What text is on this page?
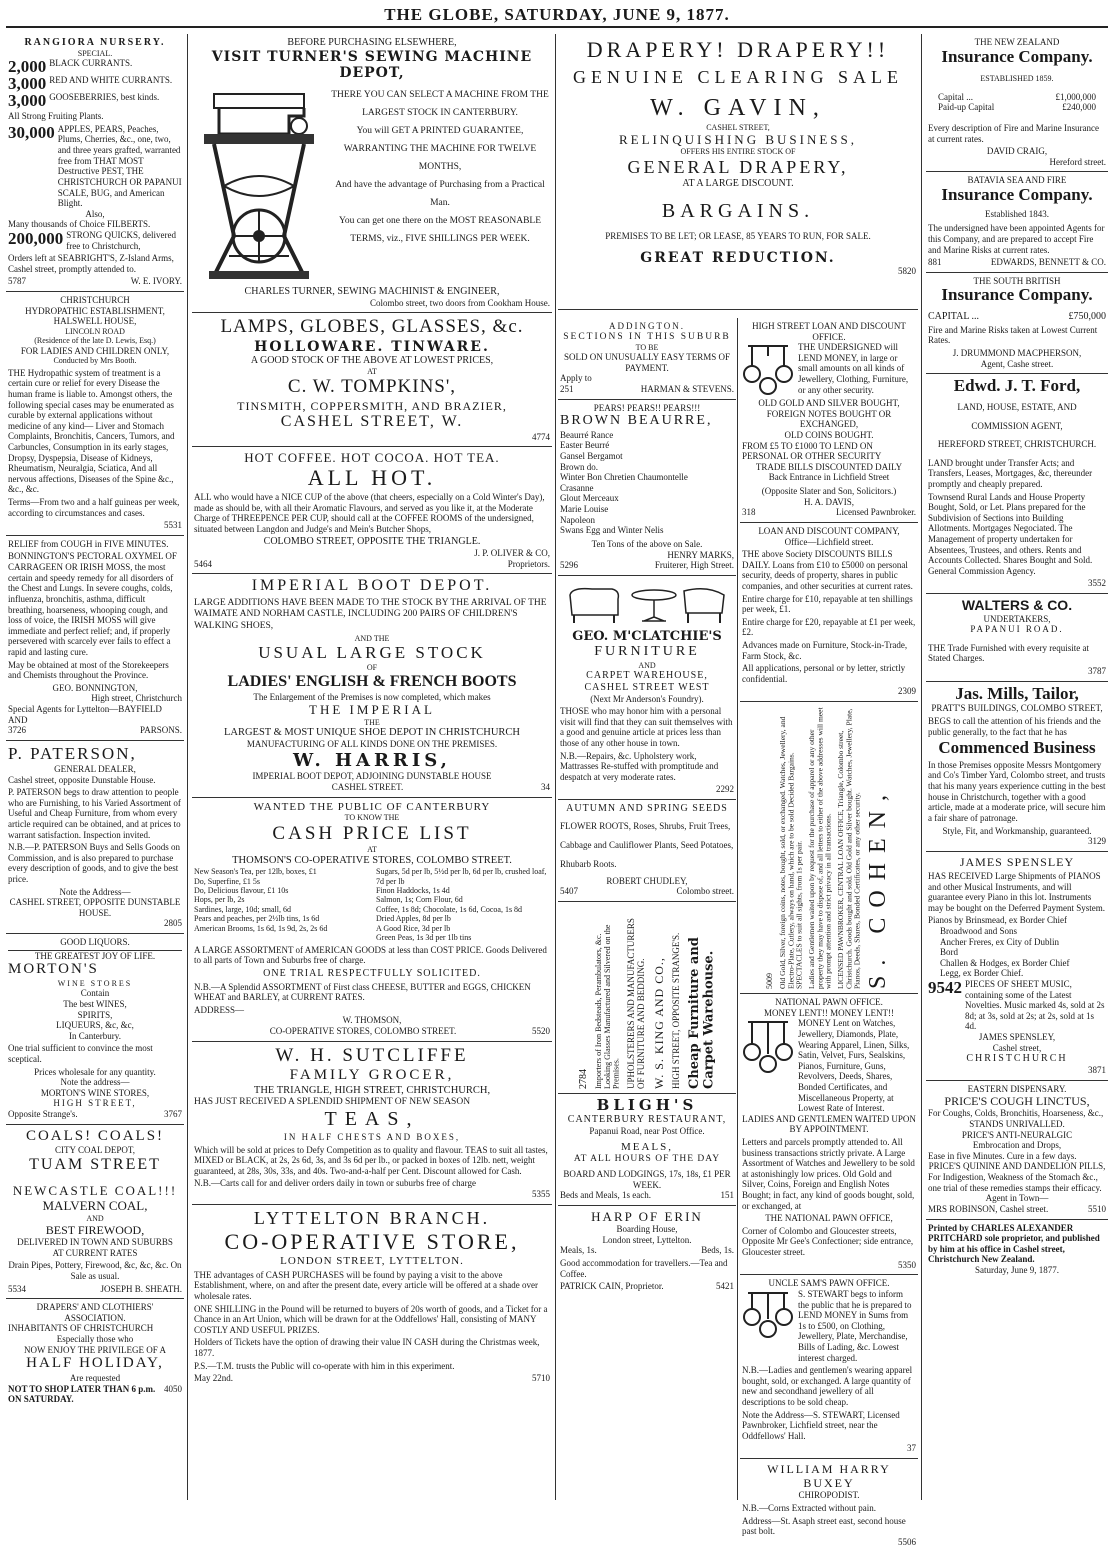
THE GLOBE, SATURDAY, JUNE 9, 1877.
RANGIORA NURSERY.
SPECIAL.
2,000 BLACK CURRANTS.
3,000 RED AND WHITE CURRANTS.
3,000 GOOSEBERRIES, best kinds.

All Strong Fruiting Plants.

30,000 APPLES, PEARS, Peaches, Plums, Cherries, &c., one, two, and three years grafted, warranted free from THAT MOST Destructive PEST, THE CHRISTCHURCH OR PAPANUI SCALE, BUG, and American Blight.
Also,
Many thousands of Choice FILBERTS.
200,000 STRONG QUICKS, delivered free to Christchurch,

Orders left at SEABRIGHT'S, Z-Island Arms, Cashel street, promptly attended to.

5787	W. E. IVORY.
CHRISTCHURCH
HYDROPATHIC ESTABLISHMENT,
HALSWELL HOUSE,
LINCOLN ROAD
(Residence of the late D. Lewis, Esq.)
FOR LADIES AND CHILDREN ONLY,
Conducted by Mrs Booth.

THE Hydropathic system of treatment is a certain cure or relief for every Disease the human frame is liable to. Amongst others, the following special cases may be enumerated as curable by external applications without medicine of any kind— Liver and Stomach Complaints, Bronchitis, Cancers, Tumors, and Carbuncles, Consumption in its early stages, Dropsy, Dyspepsia, Disease of Kidneys, Rheumatism, Neuralgia, Sciatica, And all nervous affections, Diseases of the Spine &c., &c., &c.

Terms—From two and a half guineas per week, according to circumstances and cases.

5531
RELIEF from COUGH in FIVE MINUTES.

BONNINGTON'S PECTORAL OXYMEL OF CARRAGEEN OR IRISH MOSS, the most certain and speedy remedy for all disorders of the Chest and Lungs. In severe coughs, colds, influenza, bronchitis, asthma, difficult breathing, hoarseness, whooping cough, and loss of voice, the IRISH MOSS will give immediate and perfect relief; and, if properly persevered with scarcely ever fails to effect a rapid and lasting cure.

May be obtained at most of the Storekeepers and Chemists throughout the Province.

GEO. BONNINGTON,
High street, Christchurch
Special Agents for Lyttelton—BAYFIELD AND
3726	PARSONS.
P. PATERSON,
GENERAL DEALER,
Cashel street, opposite Dunstable House.

P. PATERSON begs to draw attention to people who are Furnishing, to his Varied Assortment of Useful and Cheap Furniture, from whom every article required can be obtained, and at prices to warrant satisfaction. Inspection invited.

N.B.—P. PATERSON Buys and Sells Goods on Commission, and is also prepared to purchase every description of goods, and to give the best price.

Note the Address—
CASHEL STREET, OPPOSITE DUNSTABLE HOUSE.
2805
GOOD LIQUORS.
THE GREATEST JOY OF LIFE.
MORTON'S
WINE STORES
Contain
The best WINES,
SPIRITS,
LIQUEURS, &c, &c,
In Canterbury.

One trial sufficient to convince the most sceptical.

Prices wholesale for any quantity.
Note the address—
MORTON'S WINE STORES,
HIGH STREET,
Opposite Strange's.	3767
COALS! COALS!
CITY COAL DEPOT,
TUAM STREET
NEWCASTLE COAL!!!
MALVERN COAL,
AND
BEST FIREWOOD,
DELIVERED IN TOWN AND SUBURBS
AT CURRENT RATES

Drain Pipes, Pottery, Firewood, &c, &c, &c. On Sale as usual.

5534	JOSEPH B. SHEATH.
DRAPERS' AND CLOTHIERS' ASSOCIATION.
INHABITANTS OF CHRISTCHURCH
Especially those who
NOW ENJOY THE PRIVILEGE OF A
HALF HOLIDAY,
Are requested
NOT TO SHOP LATER THAN 6 p.m. ON SATURDAY.
4050
BEFORE PURCHASING ELSEWHERE,
VISIT TURNER'S SEWING MACHINE DEPOT,
THERE YOU CAN SELECT A MACHINE FROM THE LARGEST STOCK IN CANTERBURY.
You will GET A PRINTED GUARANTEE, WARRANTING THE MACHINE FOR TWELVE MONTHS,
And have the advantage of Purchasing from a Practical Man.
You can get one there on the MOST REASONABLE TERMS, viz., FIVE SHILLINGS PER WEEK.
CHARLES TURNER, SEWING MACHINIST & ENGINEER,
Colombo street, two doors from Cookham House.
LAMPS, GLOBES, GLASSES, &c.
HOLLOWARE. TINWARE.
A GOOD STOCK OF THE ABOVE AT LOWEST PRICES,
AT
C. W. TOMPKINS',
TINSMITH, COPPERSMITH, AND BRAZIER,
CASHEL STREET, W.
4774
HOT COFFEE. HOT COCOA. HOT TEA.
ALL HOT.

ALL who would have a NICE CUP of the above (that cheers, especially on a Cold Winter's Day), made as should be, with all their Aromatic Flavours, and served as you like it, at the Moderate Charge of THREEPENCE PER CUP, should call at the COFFEE ROOMS of the undersigned, situated between Langdon and Judge's and Mein's Butcher Shops,

COLOMBO STREET, OPPOSITE THE TRIANGLE.
J. P. OLIVER & CO,
5464	Proprietors.
IMPERIAL BOOT DEPOT.

LARGE ADDITIONS HAVE BEEN MADE TO THE STOCK BY THE ARRIVAL OF THE WAIMATE AND NORHAM CASTLE, INCLUDING 200 PAIRS OF CHILDREN'S WALKING SHOES,

AND THE
USUAL LARGE STOCK
OF
LADIES' ENGLISH & FRENCH BOOTS
The Enlargement of the Premises is now completed, which makes
THE IMPERIAL
THE
LARGEST & MOST UNIQUE SHOE DEPOT IN CHRISTCHURCH
MANUFACTURING OF ALL KINDS DONE ON THE PREMISES.
W. HARRIS,
IMPERIAL BOOT DEPOT, ADJOINING DUNSTABLE HOUSE
CASHEL STREET.	34
WANTED THE PUBLIC OF CANTERBURY
TO KNOW THE
CASH PRICE LIST
AT
THOMSON'S CO-OPERATIVE STORES, COLOMBO STREET.
New Season's Tea, per 12lb, boxes, £1
Do, Superfine, £1 5s
Do, Delicious flavour, £1 10s
Hops, per lb, 2s
Sardines, large, 10d; small, 6d
Pears and peaches, per 2½lb tins, 1s 6d
American Brooms, 1s 6d, 1s 9d, 2s, 2s 6d
Sugars, 5d per lb, 5½d per lb, 6d per lb, crushed loaf, 7d per lb
Finon Haddocks, 1s 4d
Salmon, 1s; Corn Flour, 6d
Coffee, 1s 8d; Chocolate, 1s 6d, Cocoa, 1s 8d
Dried Apples, 8d per lb
A Good Rice, 3d per lb
Green Peas, 1s 3d per 1lb tins

A LARGE ASSORTMENT of AMERICAN GOODS at less than COST PRICE. Goods Delivered to all parts of Town and Suburbs free of charge.

ONE TRIAL RESPECTFULLY SOLICITED.

N.B.—A Splendid ASSORTMENT of First class CHEESE, BUTTER and EGGS, CHICKEN WHEAT and BARLEY, at CURRENT RATES.

ADDRESS—
W. THOMSON,
CO-OPERATIVE STORES, COLOMBO STREET.	5520
W. H. SUTCLIFFE
FAMILY GROCER,
THE TRIANGLE, HIGH STREET, CHRISTCHURCH,
HAS JUST RECEIVED A SPLENDID SHIPMENT OF NEW SEASON
TEAS,
IN HALF CHESTS AND BOXES,

Which will be sold at prices to Defy Competition as to quality and flavour. TEAS to suit all tastes, MIXED or BLACK, at 2s, 2s 6d, 3s, and 3s 6d per lb., or packed in boxes of 12lb. nett, weight guaranteed, at 28s, 30s, 33s, and 40s. Two-and-a-half per Cent. Discount allowed for Cash.

N.B.—Carts call for and deliver orders daily in town or suburbs free of charge
5355
LYTTELTON BRANCH.
CO-OPERATIVE STORE,
LONDON STREET, LYTTELTON.

THE advantages of CASH PURCHASES will be found by paying a visit to the above Establishment, where, on and after the present date, every article will be offered at a shade over wholesale rates.

ONE SHILLING in the Pound will be returned to buyers of 20s worth of goods, and a Ticket for a Chance in an Art Union, which will be drawn for at the Oddfellows' Hall, consisting of MANY COSTLY AND USEFUL PRIZES.

Holders of Tickets have the option of drawing their value IN CASH during the Christmas week, 1877.

P.S.—T.M. trusts the Public will co-operate with him in this experiment.

May 22nd.	5710
DRAPERY! DRAPERY!!
GENUINE CLEARING SALE
W. GAVIN,
CASHEL STREET,
RELINQUISHING BUSINESS,
OFFERS HIS ENTIRE STOCK OF
GENERAL DRAPERY,
AT A LARGE DISCOUNT.
BARGAINS.
PREMISES TO BE LET; OR LEASE, 85 YEARS TO RUN, FOR SALE.
GREAT REDUCTION.
5820
ADDINGTON.
SECTIONS IN THIS SUBURB
TO BE
SOLD ON UNUSUALLY EASY TERMS OF PAYMENT.
Apply to
251	HARMAN & STEVENS.
PEARS! PEARS!! PEARS!!!
BROWN BEAURRE,
Beaurré Rance
Easter Beurré
Gansel Bergamot
Brown do.
Winter Bon Chretien Chaumontelle
Crasanne
Glout Merceaux
Marie Louise
Napoleon
Swans Egg and Winter Nelis
Ten Tons of the above on Sale.
HENRY MARKS,
5296	Fruiterer, High Street.
GEO. M'CLATCHIE'S
FURNITURE
AND
CARPET WAREHOUSE,
CASHEL STREET WEST
(Next Mr Anderson's Foundry).

THOSE who may honor him with a personal visit will find that they can suit themselves with a good and genuine article at prices less than those of any other house in town.

N.B.—Repairs, &c. Upholstery work, Mattrasses Re-stuffed with promptitude and despatch at very moderate rates.

2292
AUTUMN AND SPRING SEEDS

FLOWER ROOTS, Roses, Shrubs, Fruit Trees, Cabbage and Cauliflower Plants, Seed Potatoes, Rhubarb Roots.

ROBERT CHUDLEY,
5407	Colombo street.
2784 Importers of Iron Bedsteads, Perambulators, &c. Looking Glasses Manufactured and Silvered on the Premises. UPHOLSTERERS AND MANUFACTURERS OF FURNITURE AND BEDDING. W. S. KING AND CO., HIGH STREET, OPPOSITE STRANGE'S. Cheap Furniture and Carpet Warehouse.
BLIGH'S
CANTERBURY RESTAURANT,
Papanui Road, near Post Office.
MEALS,
AT ALL HOURS OF THE DAY
BOARD AND LODGINGS, 17s, 18s, £1 PER WEEK.
Beds and Meals, 1s each.	151
HARP OF ERIN
Boarding House,
London street, Lyttelton.
Meals, 1s.	Beds, 1s.

Good accommodation for travellers.—Tea and Coffee.

PATRICK CAIN, Proprietor.	5421
HIGH STREET LOAN AND DISCOUNT OFFICE.
THE UNDERSIGNED will LEND MONEY, in large or small amounts on all kinds of Jewellery, Clothing, Furniture, or any other security.
OLD GOLD AND SILVER BOUGHT, FOREIGN NOTES BOUGHT OR EXCHANGED,
OLD COINS BOUGHT.
FROM £5 TO £1000 TO LEND ON PERSONAL OR OTHER SECURITY
TRADE BILLS DISCOUNTED DAILY
Back Entrance in Lichfield Street
(Opposite Slater and Son, Solicitors.)
H. A. DAVIS,
318	Licensed Pawnbroker.
LOAN AND DISCOUNT COMPANY,
Office—Lichfield street.

THE above Society DISCOUNTS BILLS DAILY. Loans from £10 to £5000 on personal security, deeds of property, shares in public companies, and other securities at current rates.

Entire charge for £10, repayable at ten shillings per week, £1.

Entire charge for £20, repayable at £1 per week, £2.

Advances made on Furniture, Stock-in-Trade, Farm Stock, &c.

All applications, personal or by letter, strictly confidential.

2309
5009 Old Gold, Silver, foreign coins, notes, bought, sold, or exchanged. Watches, Jewellery, and Electro-Plate, Cutlery, always on hand, which are to be sold Decided Bargains. SPECTACLES to suit all sights, from 1s per pair. Ladies and Gentlemen waited upon by request for the purchase of apparel or any other property they may have to dispose of, and all letters to either of the above addresses will meet with prompt attention and strict privacy in all transactions. LICENSED PAWNBROKER, CENTRAL LOAN OFFICE, Triangle, Colombo street, Christchurch. Goods bought and sold. Old Gold and Silver bought. Watches, Jewellery, Plate, Pianos, Deeds, Shares, Bonded Certificates, or any other security. S. COHEN,
NATIONAL PAWN OFFICE.
MONEY LENT!! MONEY LENT!!
MONEY Lent on Watches, Jewellery, Diamonds, Plate, Wearing Apparel, Linen, Silks, Satin, Velvet, Furs, Sealskins, Pianos, Furniture, Guns, Revolvers, Deeds, Shares, Bonded Certificates, and Miscellaneous Property, at Lowest Rate of Interest.
LADIES AND GENTLEMEN WAITED UPON BY APPOINTMENT.

Letters and parcels promptly attended to. All business transactions strictly private. A Large Assortment of Watches and Jewellery to be sold at astonishingly low prices. Old Gold and Silver, Coins, Foreign and English Notes Bought; in fact, any kind of goods bought, sold, or exchanged, at

THE NATIONAL PAWN OFFICE,

Corner of Colombo and Gloucester streets, Opposite Mr Gee's Confectioner; side entrance, Gloucester street.

5350
UNCLE SAM'S PAWN OFFICE.
S. STEWART begs to inform the public that he is prepared to LEND MONEY in Sums from 1s to £500, on Clothing, Jewellery, Plate, Merchandise, Bills of Lading, &c. Lowest interest charged.

N.B.—Ladies and gentlemen's wearing apparel bought, sold, or exchanged. A large quantity of new and secondhand jewellery of all descriptions to be sold cheap.

Note the Address—S. STEWART, Licensed Pawnbroker, Lichfield street, near the Oddfellows' Hall.

37
WILLIAM HARRY BUXEY
CHIROPODIST.

N.B.—Corns Extracted without pain.

Address—St. Asaph street east, second house past bolt.
5506
THE NEW ZEALAND
Insurance Company.
ESTABLISHED 1859.
Capital ...	£1,000,000
Paid-up Capital	£240,000

Every description of Fire and Marine Insurance at current rates.

DAVID CRAIG,
Hereford street.
BATAVIA SEA AND FIRE
Insurance Company.
Established 1843.

The undersigned have been appointed Agents for this Company, and are prepared to accept Fire and Marine Risks at current rates.

881	EDWARDS, BENNETT & CO.
THE SOUTH BRITISH
Insurance Company.
CAPITAL ...	£750,000

Fire and Marine Risks taken at Lowest Current Rates.

J. DRUMMOND MACPHERSON,
Agent, Cashe street.
Edwd. J. T. Ford,
LAND, HOUSE, ESTATE, AND
COMMISSION AGENT,
HEREFORD STREET, CHRISTCHURCH.

LAND brought under Transfer Acts; and Transfers, Leases, Mortgages, &c, thereunder promptly and cheaply prepared.

Townsend Rural Lands and House Property Bought, Sold, or Let. Plans prepared for the Subdivision of Sections into Building Allotments. Mortgages Negociated. The Management of property undertaken for Absentees, Trustees, and others. Rents and Accounts Collected. Shares Bought and Sold. General Commission Agency.

3552
WALTERS & CO.
UNDERTAKERS,
PAPANUI ROAD.

THE Trade Furnished with every requisite at Stated Charges.

3787
Jas. Mills, Tailor,
PRATT'S BUILDINGS, COLOMBO STREET,

BEGS to call the attention of his friends and the public generally, to the fact that he has

Commenced Business

In those Premises opposite Messrs Montgomery and Co's Timber Yard, Colombo street, and trusts that his many years experience cutting in the best house in Christchurch, together with a good article, made at a moderate price, will secure him a fair share of patronage.

Style, Fit, and Workmanship, guaranteed.
3129
JAMES SPENSLEY

HAS RECEIVED Large Shipments of PIANOS and other Musical Instruments, and will guarantee every Piano in this lot. Instruments may be bought on the Deferred Payment System.

Pianos by Brinsmead, ex Border Chief
Broadwood and Sons
Ancher Freres, ex City of Dublin
Bord
Challen & Hodges, ex Border Chief
Legg, ex Border Chief.
9542 PIECES OF SHEET MUSIC, containing some of the Latest Novelties. Music marked 4s, sold at 2s 8d; at 3s, sold at 2s; at 2s, sold at 1s 4d.
JAMES SPENSLEY,
Cashel street,
CHRISTCHURCH
3871
EASTERN DISPENSARY.
PRICE'S COUGH LINCTUS,
For Coughs, Colds, Bronchitis, Hoarseness, &c.,
STANDS UNRIVALLED.
PRICE'S ANTI-NEURALGIC
Embrocation and Drops,
Ease in five Minutes. Cure in a few days.
PRICE'S QUININE AND DANDELION PILLS,
For Indigestion, Weakness of the Stomach &c., one trial of these remedies stamps their efficacy.
Agent in Town—
MRS ROBINSON, Cashel street.	5510
Printed by CHARLES ALEXANDER PRITCHARD sole proprietor, and published by him at his office in Cashel street, Christchurch New Zealand.
Saturday, June 9, 1877.
